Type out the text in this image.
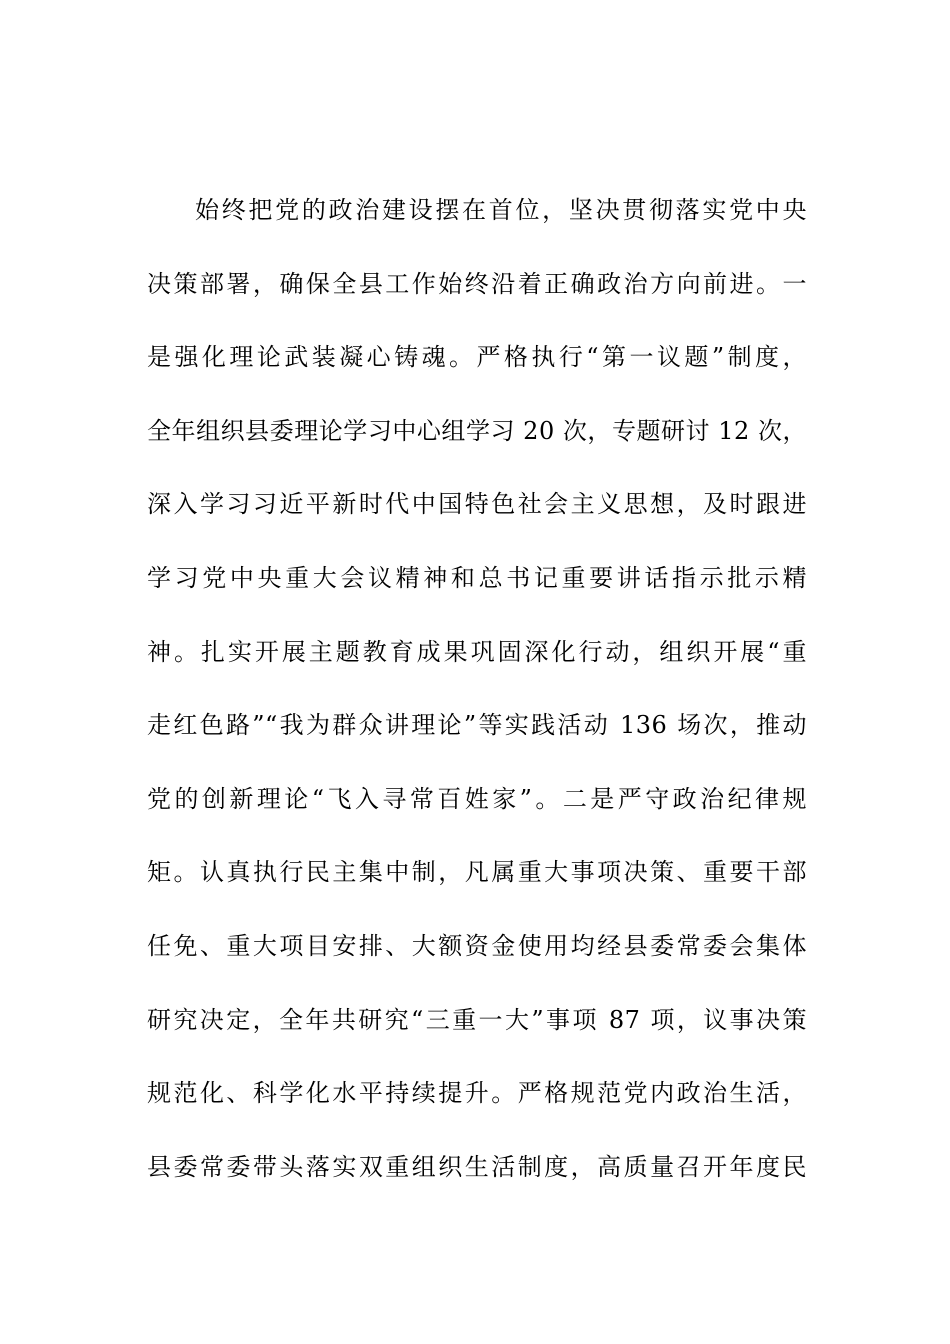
始终把党的政治建设摆在首位，坚决贯彻落实党中央
决策部署，确保全县工作始终沿着正确政治方向前进。一
是强化理论武装凝心铸魂。严格执行“第一议题”制度，
全年组织县委理论学习中心组学习 20 次，专题研讨 12 次，
深入学习习近平新时代中国特色社会主义思想，及时跟进
学习党中央重大会议精神和总书记重要讲话指示批示精
神。扎实开展主题教育成果巩固深化行动，组织开展“重
走红色路”“我为群众讲理论”等实践活动 136 场次，推动
党的创新理论“飞入寻常百姓家”。二是严守政治纪律规
矩。认真执行民主集中制，凡属重大事项决策、重要干部
任免、重大项目安排、大额资金使用均经县委常委会集体
研究决定，全年共研究“三重一大”事项 87 项，议事决策
规范化、科学化水平持续提升。严格规范党内政治生活，
县委常委带头落实双重组织生活制度，高质量召开年度民
